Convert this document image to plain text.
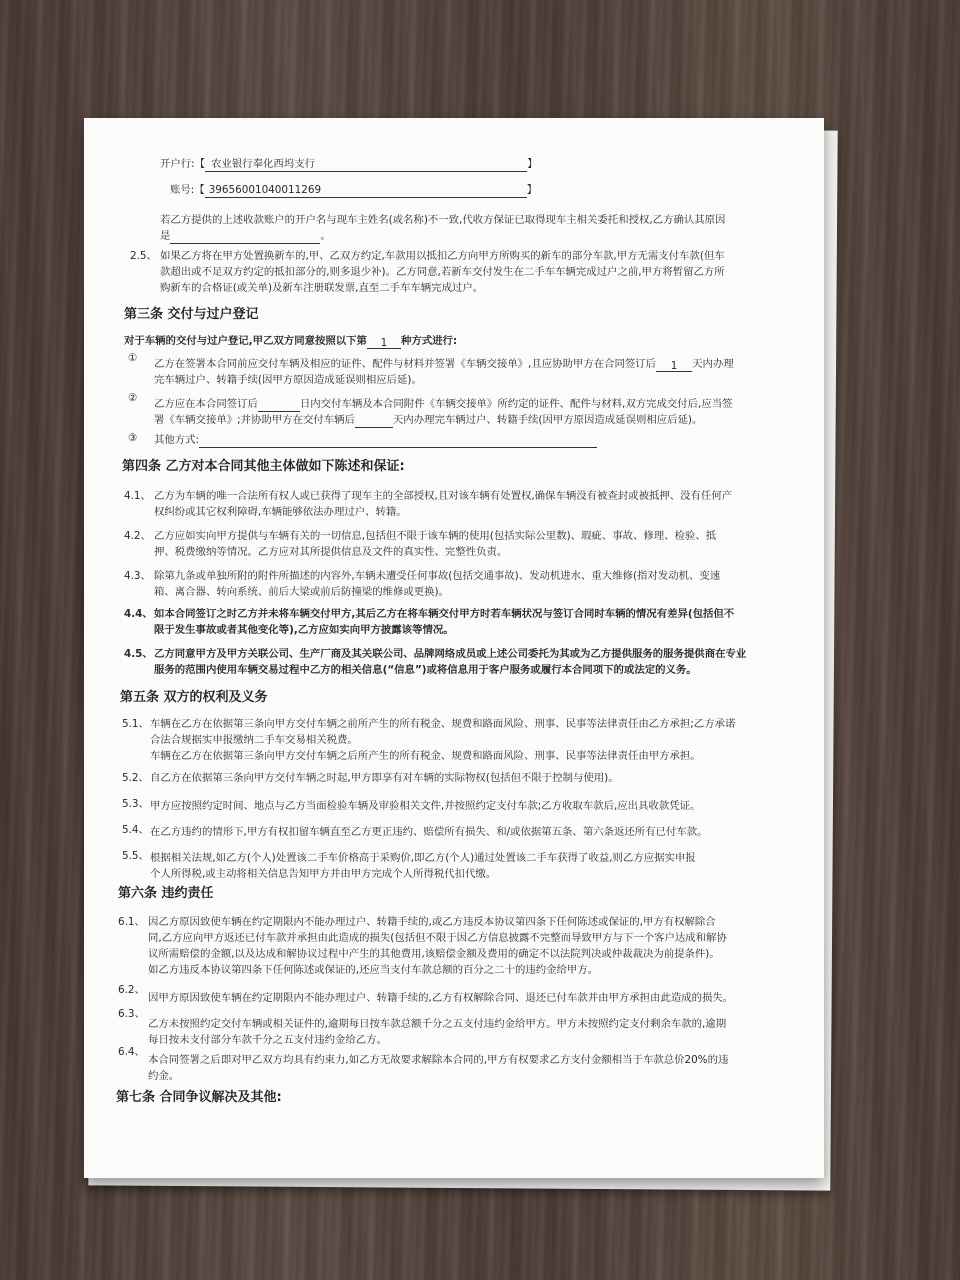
开户行:【 农业银行奉化西坞支行	】
账号:【 39656001040011269	】
若乙方提供的上述收款账户的开户名与现车主姓名(或名称)不一致,代收方保证已取得现车主相关委托和授权,乙方确认其原因
是	。
2.5、 如果乙方将在甲方处置换新车的,甲、乙双方约定,车款用以抵扣乙方向甲方所购买的新车的部分车款,甲方无需支付车款(但车
款超出或不足双方约定的抵扣部分的,则多退少补)。乙方同意,若新车交付发生在二手车车辆完成过户之前,甲方将暂留乙方所
购新车的合格证(或关单)及新车注册联发票,直至二手车车辆完成过户。
第三条 交付与过户登记
对于车辆的交付与过户登记,甲乙双方同意按照以下第 1 种方式进行:
① 乙方在签署本合同前应交付车辆及相应的证件、配件与材料并签署《车辆交接单》,且应协助甲方在合同签订后 1 天内办理
完车辆过户、转籍手续(因甲方原因造成延误则相应后延)。
② 乙方应在本合同签订后	日内交付车辆及本合同附件《车辆交接单》所约定的证件、配件与材料,双方完成交付后,应当签
署《车辆交接单》;并协助甲方在交付车辆后	天内办理完车辆过户、转籍手续(因甲方原因造成延误则相应后延)。
③ 其他方式:
第四条 乙方对本合同其他主体做如下陈述和保证:
4.1、 乙方为车辆的唯一合法所有权人或已获得了现车主的全部授权,且对该车辆有处置权,确保车辆没有被查封或被抵押、没有任何产
权纠纷或其它权利障碍,车辆能够依法办理过户、转籍。
4.2、 乙方应如实向甲方提供与车辆有关的一切信息,包括但不限于该车辆的使用(包括实际公里数)、瑕疵、事故、修理、检验、抵
押、税费缴纳等情况。乙方应对其所提供信息及文件的真实性、完整性负责。
4.3、 除第九条或单独所附的附件所描述的内容外,车辆未遭受任何事故(包括交通事故)、发动机进水、重大维修(指对发动机、变速
箱、离合器、转向系统、前后大梁或前后防撞梁的维修或更换)。
4.4、 如本合同签订之时乙方并未将车辆交付甲方,其后乙方在将车辆交付甲方时若车辆状况与签订合同时车辆的情况有差异(包括但不
限于发生事故或者其他变化等),乙方应如实向甲方披露该等情况。
4.5、 乙方同意甲方及甲方关联公司、生产厂商及其关联公司、品牌网络成员或上述公司委托为其或为乙方提供服务的服务提供商在专业
服务的范围内使用车辆交易过程中乙方的相关信息(“信息”)或将信息用于客户服务或履行本合同项下的或法定的义务。
第五条 双方的权利及义务
5.1、 车辆在乙方在依据第三条向甲方交付车辆之前所产生的所有税金、规费和路面风险、刑事、民事等法律责任由乙方承担;乙方承诺
合法合规据实申报缴纳二手车交易相关税费。
车辆在乙方在依据第三条向甲方交付车辆之后所产生的所有税金、规费和路面风险、刑事、民事等法律责任由甲方承担。
5.2、 自乙方在依据第三条向甲方交付车辆之时起,甲方即享有对车辆的实际物权(包括但不限于控制与使用)。
5.3、 甲方应按照约定时间、地点与乙方当面检验车辆及审验相关文件,并按照约定支付车款;乙方收取车款后,应出具收款凭证。
5.4、 在乙方违约的情形下,甲方有权扣留车辆直至乙方更正违约、赔偿所有损失、和/或依据第五条、第六条返还所有已付车款。
5.5、 根据相关法规,如乙方(个人)处置该二手车价格高于采购价,即乙方(个人)通过处置该二手车获得了收益,则乙方应据实申报
个人所得税,或主动将相关信息告知甲方并由甲方完成个人所得税代扣代缴。
第六条 违约责任
6.1、 因乙方原因致使车辆在约定期限内不能办理过户、转籍手续的,或乙方违反本协议第四条下任何陈述或保证的,甲方有权解除合
同,乙方应向甲方返还已付车款并承担由此造成的损失(包括但不限于因乙方信息披露不完整而导致甲方与下一个客户达成和解协
议所需赔偿的金额,以及达成和解协议过程中产生的其他费用,该赔偿金额及费用的确定不以法院判决或仲裁裁决为前提条件)。
如乙方违反本协议第四条下任何陈述或保证的,还应当支付车款总额的百分之二十的违约金给甲方。
6.2、
因甲方原因致使车辆在约定期限内不能办理过户、转籍手续的,乙方有权解除合同、退还已付车款并由甲方承担由此造成的损失。
6.3、
乙方未按照约定交付车辆或相关证件的,逾期每日按车款总额千分之五支付违约金给甲方。甲方未按照约定支付剩余车款的,逾期
每日按未支付部分车款千分之五支付违约金给乙方。
6.4、
本合同签署之后即对甲乙双方均具有约束力,如乙方无故要求解除本合同的,甲方有权要求乙方支付金额相当于车款总价20%的违
约金。
第七条 合同争议解决及其他:
